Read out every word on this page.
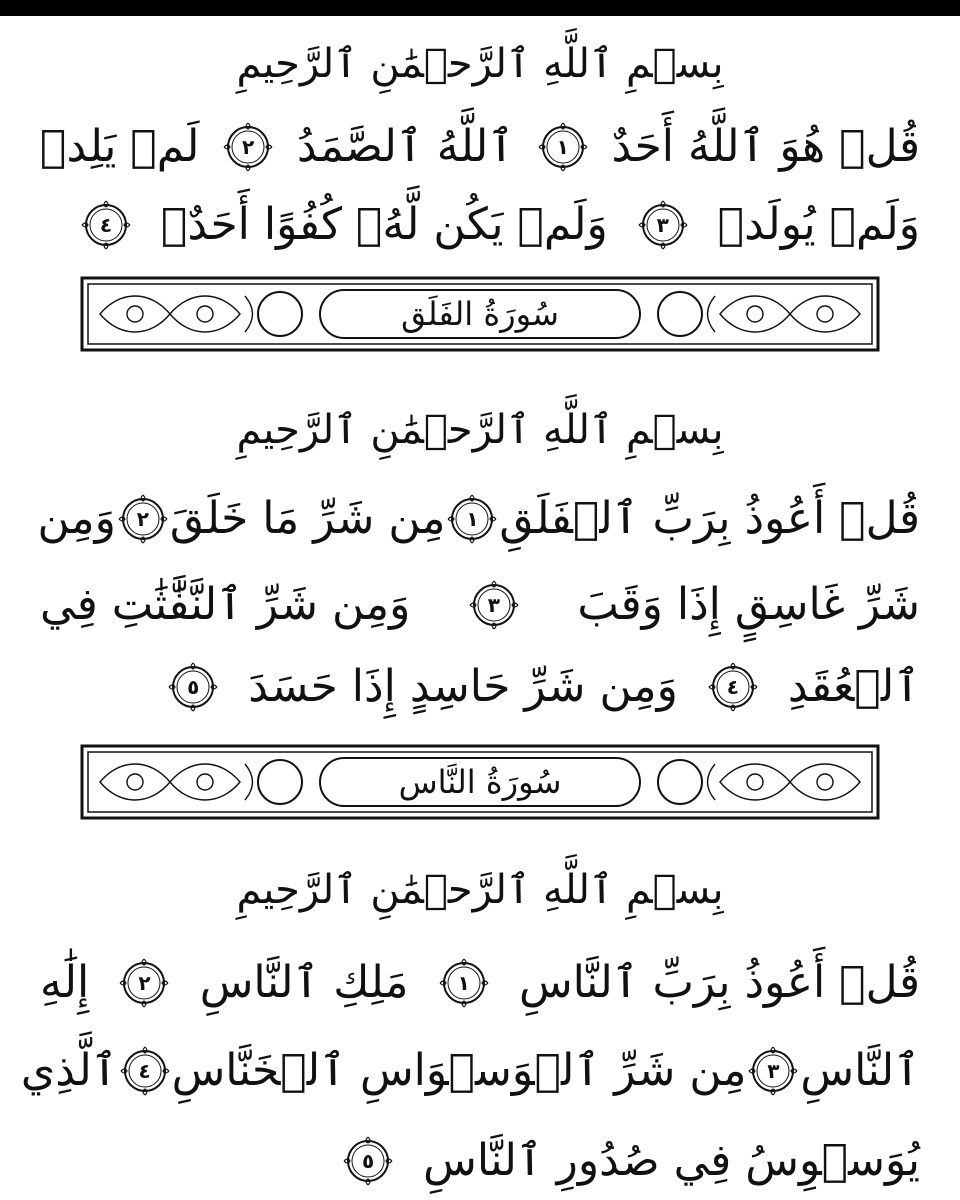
بِسۡمِ ٱللَّهِ ٱلرَّحۡمَٰنِ ٱلرَّحِيمِ
قُلۡ هُوَ ٱللَّهُ أَحَدٌ
١
ٱللَّهُ ٱلصَّمَدُ
٢
لَمۡ يَلِدۡ
وَلَمۡ يُولَدۡ
٣
وَلَمۡ يَكُن لَّهُۥ كُفُوًا أَحَدٌۢ
٤
سُورَةُ الفَلَق
بِسۡمِ ٱللَّهِ ٱلرَّحۡمَٰنِ ٱلرَّحِيمِ
قُلۡ أَعُوذُ بِرَبِّ ٱلۡفَلَقِ
١
مِن شَرِّ مَا خَلَقَ
٢
وَمِن
شَرِّ غَاسِقٍ إِذَا وَقَبَ
٣
وَمِن شَرِّ ٱلنَّفَّٰثَٰتِ فِي
ٱلۡعُقَدِ
٤
وَمِن شَرِّ حَاسِدٍ إِذَا حَسَدَ
٥
سُورَةُ النَّاس
بِسۡمِ ٱللَّهِ ٱلرَّحۡمَٰنِ ٱلرَّحِيمِ
قُلۡ أَعُوذُ بِرَبِّ ٱلنَّاسِ
١
مَلِكِ ٱلنَّاسِ
٢
إِلَٰهِ
ٱلنَّاسِ
٣
مِن شَرِّ ٱلۡوَسۡوَاسِ ٱلۡخَنَّاسِ
٤
ٱلَّذِي
يُوَسۡوِسُ فِي صُدُورِ ٱلنَّاسِ
٥
